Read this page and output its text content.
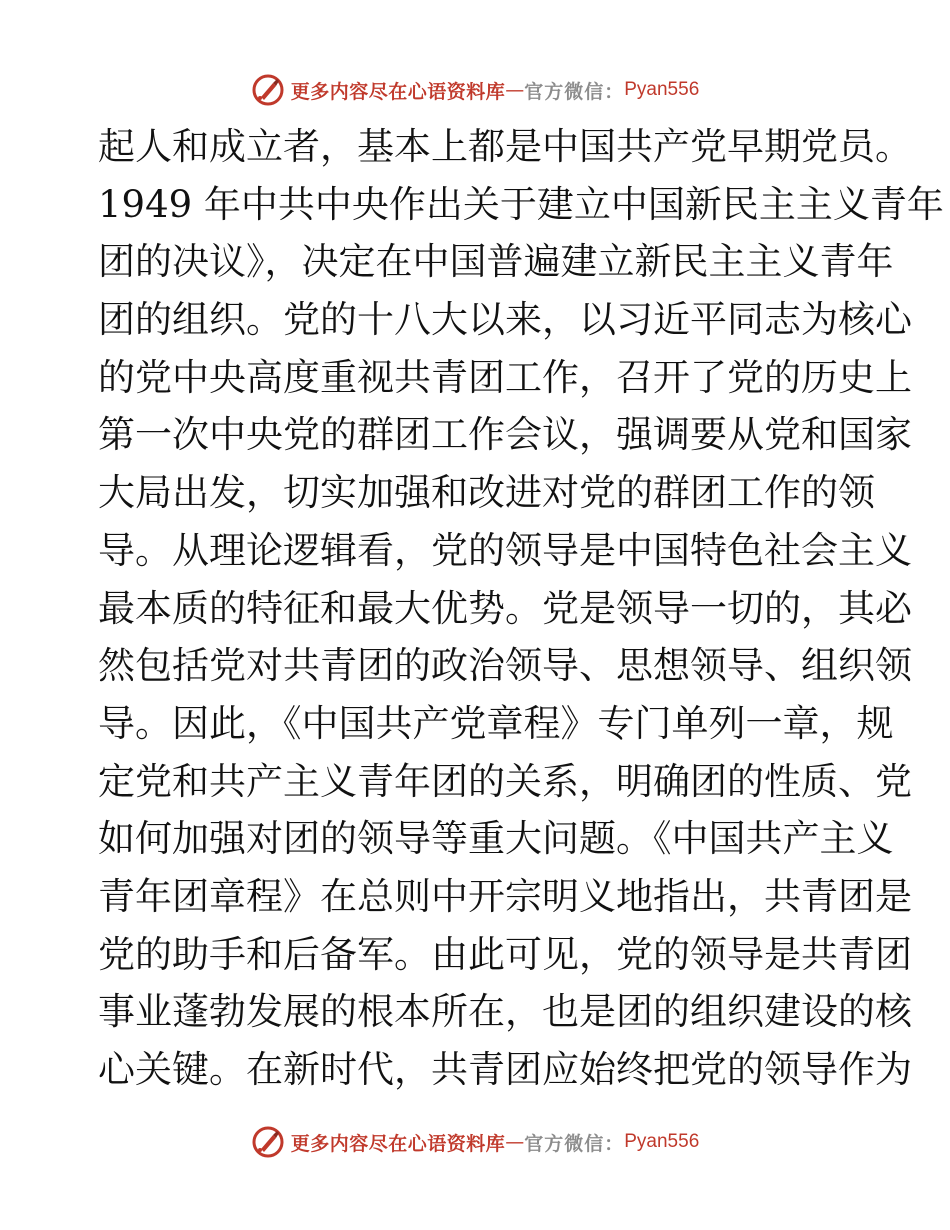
更多内容尽在心语资料库 — 官方微信： Pyan556
起人和成立者，基本上都是中国共产党早期党员。
1949 年中共中央作出关于建立中国新民主主义青年
团的决议》，决定在中国普遍建立新民主主义青年
团的组织。党的十八大以来，以习近平同志为核心
的党中央高度重视共青团工作，召开了党的历史上
第一次中央党的群团工作会议，强调要从党和国家
大局出发，切实加强和改进对党的群团工作的领
导。从理论逻辑看，党的领导是中国特色社会主义
最本质的特征和最大优势。党是领导一切的，其必
然包括党对共青团的政治领导、思想领导、组织领
导。因此，《中国共产党章程》专门单列一章，规
定党和共产主义青年团的关系，明确团的性质、党
如何加强对团的领导等重大问题。《中国共产主义
青年团章程》在总则中开宗明义地指出，共青团是
党的助手和后备军。由此可见，党的领导是共青团
事业蓬勃发展的根本所在，也是团的组织建设的核
心关键。在新时代，共青团应始终把党的领导作为
更多内容尽在心语资料库 — 官方微信： Pyan556
